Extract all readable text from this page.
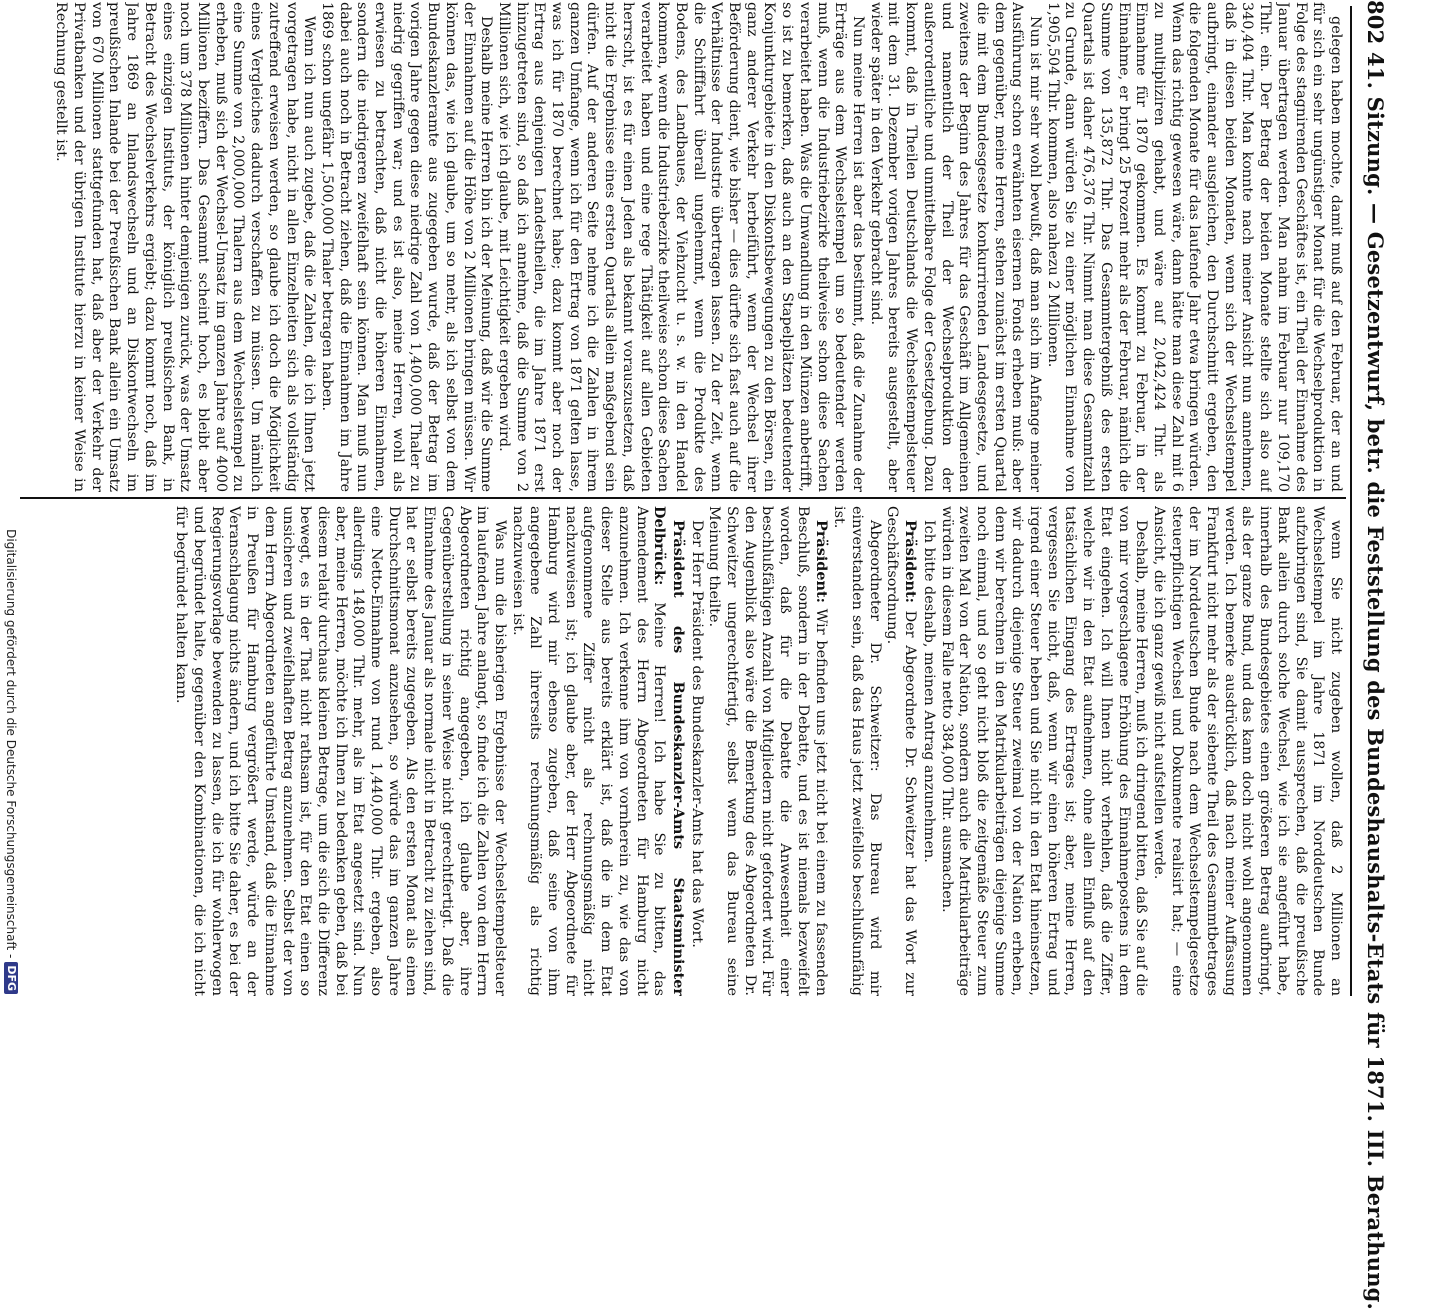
802 41. Sitzung. — Gesetzentwurf, betr. die Feststellung des Bundeshaushalts-Etats für 1871. III. Berathung.

gelegen haben mochte, damit muß auf den Februar, der an und für sich ein sehr ungünstiger Monat für die Wechselproduktion in Folge des stagnirenden Geschäftes ist, ein Theil der Einnahme des Januar übertragen werden. Man nahm im Februar nur 109,170 Thlr. ein. Der Betrag der beiden Monate stellte sich also auf 340,404 Thlr. Man konnte nach meiner Ansicht nun annehmen, daß in diesen beiden Monaten, wenn sich der Wechselstempel aufbringt, einander ausgleichen, den Durchschnitt ergeben, den die folgenden Monate für das laufende Jahr etwa bringen würden. Wenn das richtig gewesen wäre, dann hätte man diese Zahl mit 6 zu multipliziren gehabt, und wäre auf 2,042,424 Thlr. als Einnahme für 1870 gekommen. Es kommt zu Februar, in der Einnahme, er bringt 25 Prozent mehr als der Februar, nämlich die Summe von 135,872 Thlr. Das Gesammtergebniß des ersten Quartals ist daher 476,376 Thlr. Nimmt man diese Gesammtzahl zu Grunde, dann würden Sie zu einer möglichen Einnahme von 1,905,504 Thlr. kommen, also nahezu 2 Millionen.

Nun ist mir sehr wohl bewußt, daß man sich im Anfange meiner Ausführung schon erwähnten eisernen Fonds erheben muß: aber dem gegenüber, meine Herren, stehen zunächst im ersten Quartal die mit dem Bundesgesetze konkurrirenden Landesgesetze, und zweitens der Beginn des Jahres für das Geschäft im Allgemeinen und namentlich der Theil der Wechselproduktion der außerordentliche und unmittelbare Folge der Gesetzgebung. Dazu kommt, daß in Theilen Deutschlands die Wechselstempelsteuer mit dem 31. Dezember vorigen Jahres bereits ausgestellt, aber wieder später in den Verkehr gebracht sind.

Nun meine Herren ist aber das bestimmt, daß die Zunahme der Erträge aus dem Wechselstempel um so bedeutender werden muß, wenn die Industriebezirke theilweise schon diese Sachen verarbeitet haben. Was die Umwandlung in den Münzen anbetrifft, so ist zu bemerken, daß auch an den Stapelplätzen bedeutender Konjunkturgebiete in den Diskontsbewegungen zu den Börsen, ein ganz anderer Verkehr herbeiführt, wenn der Wechsel ihrer Beförderung dient, wie bisher — dies dürfte sich fast auch auf die Verhältnisse der Industrie übertragen lassen. Zu der Zeit, wenn die Schifffahrt überall ungehemmt, wenn die Produkte des Bodens, des Landbaues, der Viehzucht u. s. w. in den Handel kommen, wenn die Industriebezirke theilweise schon diese Sachen verarbeitet haben und eine rege Thätigkeit auf allen Gebieten herrscht, ist es für einen Jeden als bekannt vorauszusetzen, daß nicht die Ergebnisse eines ersten Quartals allein maßgebend sein dürfen. Auf der anderen Seite nehme ich die Zahlen in ihrem ganzen Umfange, wenn ich für den Ertrag von 1871 gelten lasse, was ich für 1870 berechnet habe; dazu kommt aber noch der Ertrag aus denjenigen Landestheilen, die im Jahre 1871 erst hinzugetreten sind, so daß ich annehme, daß die Summe von 2 Millionen sich, wie ich glaube, mit Leichtigkeit ergeben wird.

Deshalb meine Herren bin ich der Meinung, daß wir die Summe der Einnahmen auf die Höhe von 2 Millionen bringen müssen. Wir können das, wie ich glaube, um so mehr, als ich selbst von dem Bundeskanzleramte aus zugegeben wurde, daß der Betrag im vorigen Jahre gegen diese niedrige Zahl von 1,400,000 Thaler zu niedrig gegriffen war; und es ist also, meine Herren, wohl als erwiesen zu betrachten, daß nicht die höheren Einnahmen, sondern die niedrigeren zweifelhaft sein können. Man muß nun dabei auch noch in Betracht ziehen, daß die Einnahmen im Jahre 1869 schon ungefähr 1,500,000 Thaler betragen haben.

Wenn ich nun auch zugebe, daß die Zahlen, die ich Ihnen jetzt vorgetragen habe, nicht in allen Einzelheiten sich als vollständig zutreffend erweisen werden, so glaube ich doch die Möglichkeit eines Vergleiches dadurch verschaffen zu müssen. Um nämlich eine Summe von 2,000,000 Thalern aus dem Wechselstempel zu erheben, muß sich der Wechsel-Umsatz im ganzen Jahre auf 4000 Millionen beziffern. Das Gesammt scheint hoch, es bleibt aber noch um 378 Millionen hinter demjenigen zurück, was der Umsatz eines einzigen Instituts, der königlich preußischen Bank, in Betracht des Wechselverkehrs ergiebt; dazu kommt noch, daß im Jahre 1869 an Inlandswechseln und an Diskontwechseln im preußischen Inlande bei der Preußischen Bank allein ein Umsatz von 670 Millionen stattgefunden hat, daß aber der Verkehr der Privatbanken und der übrigen Institute hierzu in keiner Weise in Rechnung gestellt ist.

wenn Sie nicht zugeben wollen, daß 2 Millionen an Wechselstempel im Jahre 1871 im Norddeutschen Bunde aufzubringen sind, Sie damit aussprechen, daß die preußische Bank allein durch solche Wechsel, wie ich sie angeführt habe, innerhalb des Bundesgebietes einen größeren Betrag aufbringt, als der ganze Bund, und das kann doch nicht wohl angenommen werden. Ich bemerke ausdrücklich, daß nach meiner Auffassung Frankfurt nicht mehr als der siebente Theil des Gesammtbetrages der im Norddeutschen Bunde nach dem Wechselstempelgesetze steuerpflichtigen Wechsel und Dokumente realisirt hat; — eine Ansicht, die ich ganz gewiß nicht aufstellen werde.

Deshalb, meine Herren, muß ich dringend bitten, daß Sie auf die von mir vorgeschlagene Erhöhung des Einnahmepostens in dem Etat eingehen. Ich will Ihnen nicht verhehlen, daß die Ziffer, welche wir in den Etat aufnehmen, ohne allen Einfluß auf den tatsächlichen Eingang des Ertrages ist; aber, meine Herren, vergessen Sie nicht, daß, wenn wir einen höheren Ertrag und irgend einer Steuer heben und Sie nicht in den Etat hineinsetzen, wir dadurch diejenige Steuer zweimal von der Nation erheben, denn wir berechnen in den Matrikularbeiträgen diejenige Summe noch einmal, und so geht nicht bloß die zeitgemäße Steuer zum zweiten Mal von der Nation, sondern auch die Matrikularbeiträge würden in diesem Falle netto 384,000 Thlr. ausmachen.

Ich bitte deshalb, meinen Antrag anzunehmen.

Präsident: Der Abgeordnete Dr. Schweitzer hat das Wort zur Geschäftsordnung.

Abgeordneter Dr. Schweitzer: Das Bureau wird mir einverstanden sein, daß das Haus jetzt zweifellos beschlußunfähig ist.

Präsident: Wir befinden uns jetzt nicht bei einem zu fassenden Beschluß, sondern in der Debatte, und es ist niemals bezweifelt worden, daß für die Debatte die Anwesenheit einer beschlußfähigen Anzahl von Mitgliedern nicht gefordert wird. Für den Augenblick also wäre die Bemerkung des Abgeordneten Dr. Schweitzer ungerechtfertigt, selbst wenn das Bureau seine Meinung theilte.

Der Herr Präsident des Bundeskanzler-Amts hat das Wort.

Präsident des Bundeskanzler-Amts Staatsminister Delbrück: Meine Herren! Ich habe Sie zu bitten, das Amendement des Herrn Abgeordneten für Hamburg nicht anzunehmen. Ich verkenne ihm von vornherein zu, wie das von dieser Stelle aus bereits erklärt ist, daß die in dem Etat aufgenommene Ziffer nicht als rechnungsmäßig nicht nachzuweisen ist; ich glaube aber, der Herr Abgeordnete für Hamburg wird mir ebenso zugeben, daß seine von ihm angegebene Zahl ihrerseits rechnungsmäßig als richtig nachzuweisen ist.

Was nun die bisherigen Ergebnisse der Wechselstempelsteuer im laufenden Jahre anlangt, so finde ich die Zahlen von dem Herrn Abgeordneten richtig angegeben, ich glaube aber, ihre Gegenüberstellung in seiner Weise nicht gerechtfertigt. Daß die Einnahme des Januar als normale nicht in Betracht zu ziehen sind, hat er selbst bereits zugegeben. Als den ersten Monat als einen Durchschnittsmonat anzusehen, so würde das im ganzen Jahre eine Netto-Einnahme von rund 1,440,000 Thlr. ergeben, also allerdings 148,000 Thlr. mehr, als im Etat angesetzt sind. Nun aber, meine Herren, möchte ich Ihnen zu bedenken geben, daß bei diesem relativ durchaus kleinen Betrage, um die sich die Differenz bewegt, es in der That nicht rathsam ist, für den Etat einen so unsicheren und zweifelhaften Betrag anzunehmen. Selbst der von dem Herrn Abgeordneten angeführte Umstand, daß die Einnahme in Preußen für Hamburg vergrößert werde, würde an der Veranschlagung nichts ändern, und ich bitte Sie daher, es bei der Regierungsvorlage bewenden zu lassen, die ich für wohlerwogen und begründet halte, gegenüber den Kombinationen, die ich nicht für begründet halten kann.

Digitalisierung gefördert durch die Deutsche Forschungsgemeinschaft -DFG
